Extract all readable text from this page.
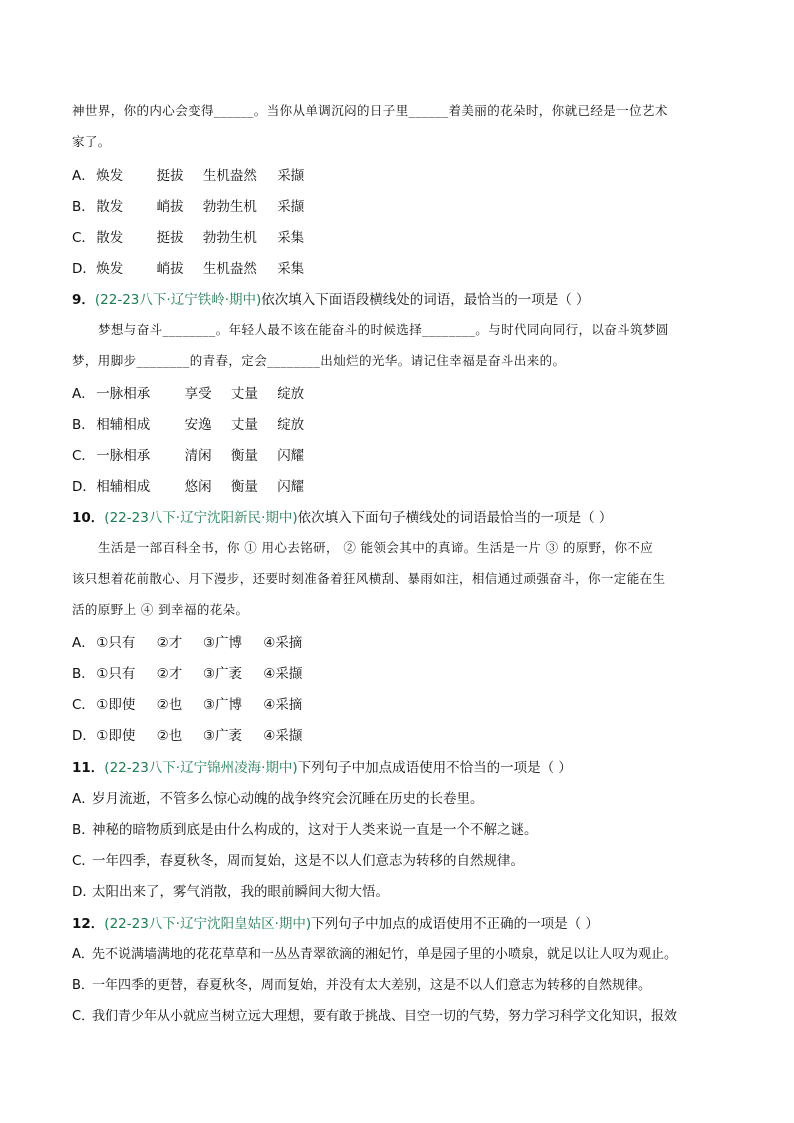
神世界，你的内心会变得______。当你从单调沉闷的日子里______着美丽的花朵时，你就已经是一位艺术
家了。
A． 焕发 挺拔 生机盎然 采撷
B． 散发 峭拔 勃勃生机 采撷
C． 散发 挺拔 勃勃生机 采集
D． 焕发 峭拔 生机盎然 采集
9．(22-23八下·辽宁铁岭·期中)依次填入下面语段横线处的词语，最恰当的一项是（ ）
梦想与奋斗________。年轻人最不该在能奋斗的时候选择________。与时代同向同行，以奋斗筑梦圆
梦，用脚步________的青春，定会________出灿烂的光华。请记住幸福是奋斗出来的。
A． 一脉相承	享受 丈量 绽放
B． 相辅相成	安逸 丈量 绽放
C． 一脉相承	清闲 衡量 闪耀
D． 相辅相成	悠闲 衡量 闪耀
10．(22-23八下·辽宁沈阳新民·期中)依次填入下面句子横线处的词语最恰当的一项是（ ）
生活是一部百科全书，你 ① 用心去铭研， ② 能领会其中的真谛。生活是一片 ③ 的原野，你不应
该只想着花前散心、月下漫步，还要时刻准备着狂风横刮、暴雨如注，相信通过顽强奋斗，你一定能在生
活的原野上 ④ 到幸福的花朵。
A． ①只有 ②才 ③广博 ④采摘
B． ①只有 ②才 ③广袤 ④采撷
C． ①即使 ②也 ③广博 ④采摘
D． ①即使 ②也 ③广袤 ④采撷
11．(22-23八下·辽宁锦州凌海·期中)下列句子中加点成语使用不恰当的一项是（ ）
A．岁月流逝，不管多么惊心动魄的战争终究会沉睡在历史的长卷里。
B．神秘的暗物质到底是由什么构成的，这对于人类来说一直是一个不解之谜。
C．一年四季，春夏秋冬，周而复始，这是不以人们意志为转移的自然规律。
D．太阳出来了，雾气消散，我的眼前瞬间大彻大悟。
12．(22-23八下·辽宁沈阳皇姑区·期中)下列句子中加点的成语使用不正确的一项是（ ）
A．先不说满墙满地的花花草草和一丛丛青翠欲滴的湘妃竹，单是园子里的小喷泉，就足以让人叹为观止。
B．一年四季的更替，春夏秋冬，周而复始，并没有太大差别，这是不以人们意志为转移的自然规律。
C．我们青少年从小就应当树立远大理想，要有敢于挑战、目空一切的气势，努力学习科学文化知识，报效
